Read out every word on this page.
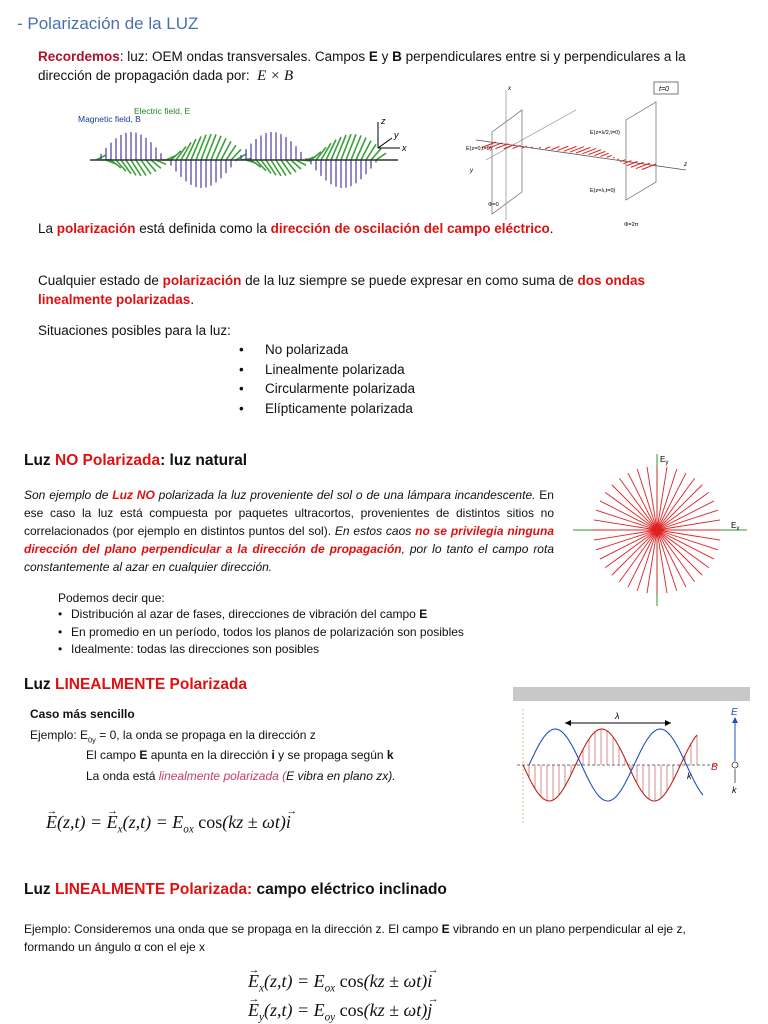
- Polarización de la LUZ

Recordemos: luz: OEM ondas transversales. Campos E y B perpendiculares entre si y perpendiculares a la

dirección de propagación dada por: E × B

Magnetic field, B
Electric field, E
z
y
x
t=0
x
y
z
E(z=0,t=0)
E(z=λ/2,t=0)
E(z=λ,t=0)
Φ=0
Φ=2π
La polarización está definida como la dirección de oscilación del campo eléctrico.
Cualquier estado de polarización de la luz siempre se puede expresar en como suma de dos ondas linealmente polarizadas.
Situaciones posibles para la luz:
• No polarizada
• Linealmente polarizada
• Circularmente polarizada
• Elípticamente polarizada
Luz NO Polarizada: luz natural
Son ejemplo de Luz NO polarizada la luz proveniente del sol o de una lámpara incandescente. En ese caso la luz está compuesta por paquetes ultracortos, provenientes de distintos sitios no correlacionados (por ejemplo en distintos puntos del sol). En estos caos no se privilegia ninguna dirección del plano perpendicular a la dirección de propagación, por lo tanto el campo rota constantemente al azar en cualquier dirección.
$E_y$
$E_x$
Podemos decir que:
• Distribución al azar de fases, direcciones de vibración del campo E
• En promedio en un período, todos los planos de polarización son posibles
• Idealmente: todas las direcciones son posibles
Luz LINEALMENTE Polarizada
Caso más sencillo
Ejemplo: $E_{0y} = 0$, la onda se propaga en la dirección z
El campo E apunta en la dirección i y se propaga según k
La onda está linealmente polarizada (E vibra en plano zx).
→ E(z,t) = → $E_x(z,t) = E_{ox}$ cos(kz ± ωt)→ i
λ	E
B
k
k
Luz LINEALMENTE Polarizada: campo eléctrico inclinado
Ejemplo: Consideremos una onda que se propaga en la dirección z. El campo E vibrando en un plano perpendicular al eje z, formando un ángulo α con el eje x
→ $E_x(z,t) = E_{ox}$ cos(kz ± ωt)→ i
→ $E_y(z,t) = E_{oy}$ cos(kz ± ωt)→ j
